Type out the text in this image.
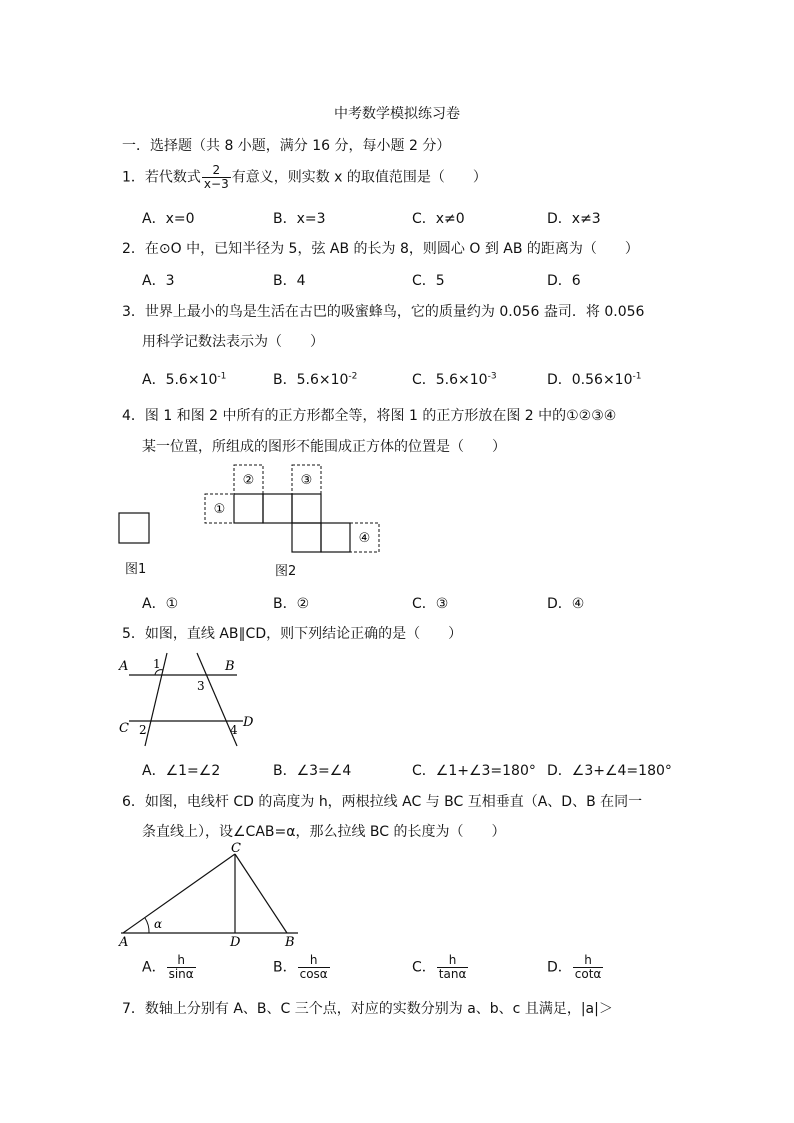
中考数学模拟练习卷
一．选择题（共 8 小题，满分 16 分，每小题 2 分）
1．若代数式 $\frac{2}{x-3}$ 有意义，则实数 x 的取值范围是（　　）
A．x=0	B．x=3	C．x≠0	D．x≠3
2．在⊙O 中，已知半径为 5，弦 AB 的长为 8，则圆心 O 到 AB 的距离为（　　）
A．3	B．4	C．5	D．6
3．世界上最小的鸟是生活在古巴的吸蜜蜂鸟，它的质量约为 0.056 盎司．将 0.056
用科学记数法表示为（　　）
A．$5.6\times 10^{-1}$	B．$5.6\times 10^{-2}$	C．$5.6\times 10^{-3}$	D．$0.56\times 10^{-1}$
4．图 1 和图 2 中所有的正方形都全等，将图 1 的正方形放在图 2 中的①②③④
某一位置，所组成的图形不能围成正方体的位置是（　　）
图1
①
②	③
④
图2
A．①	B．②	C．③	D．④
5．如图，直线 AB∥CD，则下列结论正确的是（　　）
A	B
C	D
1
2
3
4
A．∠1=∠2	B．∠3=∠4	C．∠1+∠3=180° D．∠3+∠4=180°
6．如图，电线杆 CD 的高度为 h，两根拉线 AC 与 BC 互相垂直（A、D、B 在同一
条直线上），设∠CAB=α，那么拉线 BC 的长度为（　　）
C
A	D	B
α
A． $\frac{h}{\sin\alpha}$	B． $\frac{h}{\cos\alpha}$	C． $\frac{h}{\tan\alpha}$	D． $\frac{h}{\cot\alpha}$
7．数轴上分别有 A、B、C 三个点，对应的实数分别为 a、b、c 且满足，|a|＞
